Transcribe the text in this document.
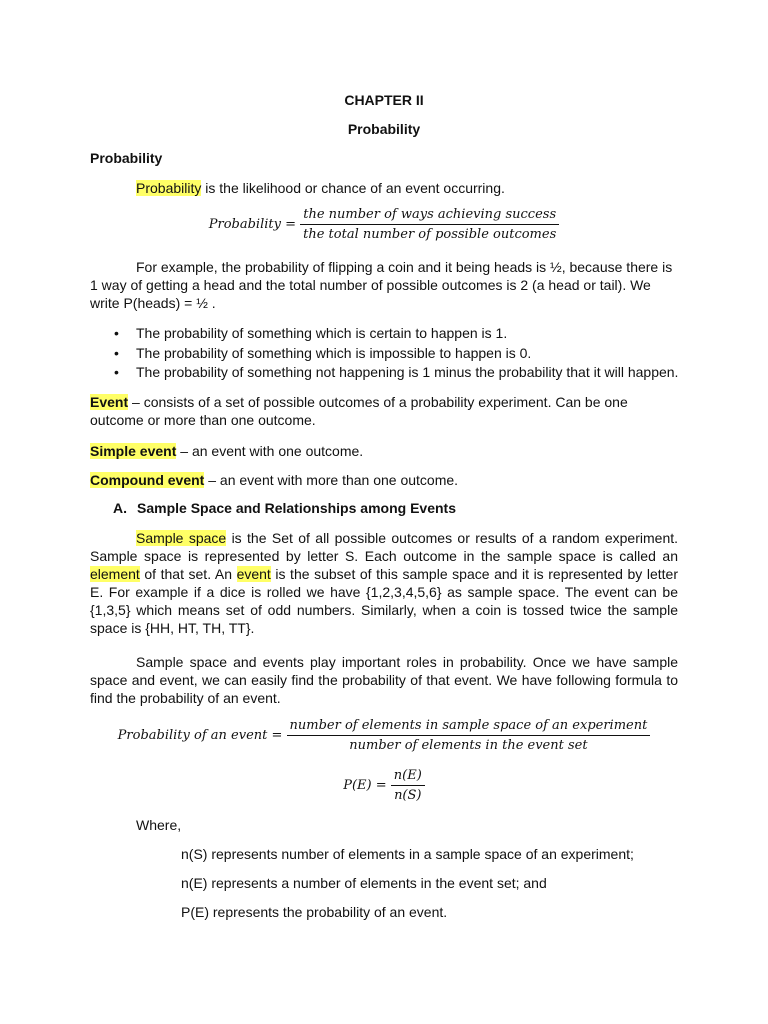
CHAPTER II
Probability
Probability
Probability is the likelihood or chance of an event occurring.
Probability = $\frac{\text{the number of ways achieving success}}{\text{the total number of possible outcomes}}$
For example, the probability of flipping a coin and it being heads is ½, because there is 1 way of getting a head and the total number of possible outcomes is 2 (a head or tail). We write P(heads) = ½ .
• The probability of something which is certain to happen is 1.
• The probability of something which is impossible to happen is 0.
• The probability of something not happening is 1 minus the probability that it will happen.
Event – consists of a set of possible outcomes of a probability experiment. Can be one outcome or more than one outcome.
Simple event – an event with one outcome.
Compound event – an event with more than one outcome.
A. Sample Space and Relationships among Events
Sample space is the Set of all possible outcomes or results of a random experiment. Sample space is represented by letter S. Each outcome in the sample space is called an element of that set. An event is the subset of this sample space and it is represented by letter E. For example if a dice is rolled we have {1,2,3,4,5,6} as sample space. The event can be {1,3,5} which means set of odd numbers. Similarly, when a coin is tossed twice the sample space is {HH, HT, TH, TT}.
Sample space and events play important roles in probability. Once we have sample space and event, we can easily find the probability of that event. We have following formula to find the probability of an event.
Probability of an event = $\frac{\text{number of elements in sample space of an experiment}}{\text{number of elements in the event set}}$
$P(E) = \frac{n(E)}{n(S)}$
Where,
n(S) represents number of elements in a sample space of an experiment;
n(E) represents a number of elements in the event set; and
P(E) represents the probability of an event.
